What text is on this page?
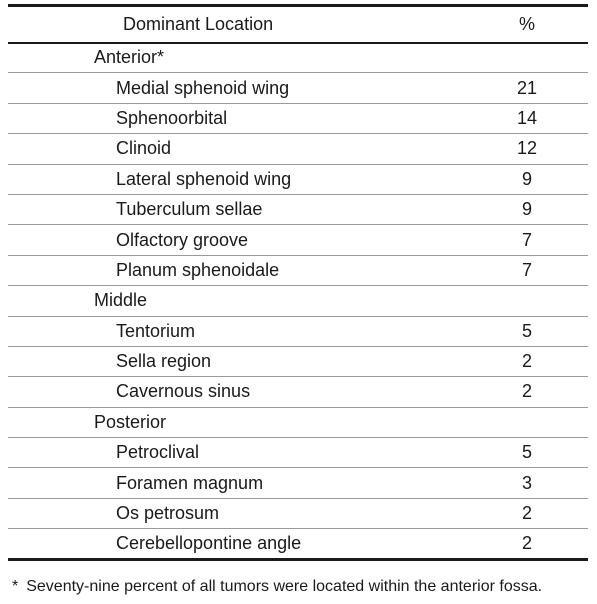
Dominant Location	%
Anterior*	
Medial sphenoid wing	21
Sphenoorbital	14
Clinoid	12
Lateral sphenoid wing	9
Tuberculum sellae	9
Olfactory groove	7
Planum sphenoidale	7
Middle	
Tentorium	5
Sella region	2
Cavernous sinus	2
Posterior	
Petroclival	5
Foramen magnum	3
Os petrosum	2
Cerebellopontine angle	2
* Seventy-nine percent of all tumors were located within the anterior fossa.
